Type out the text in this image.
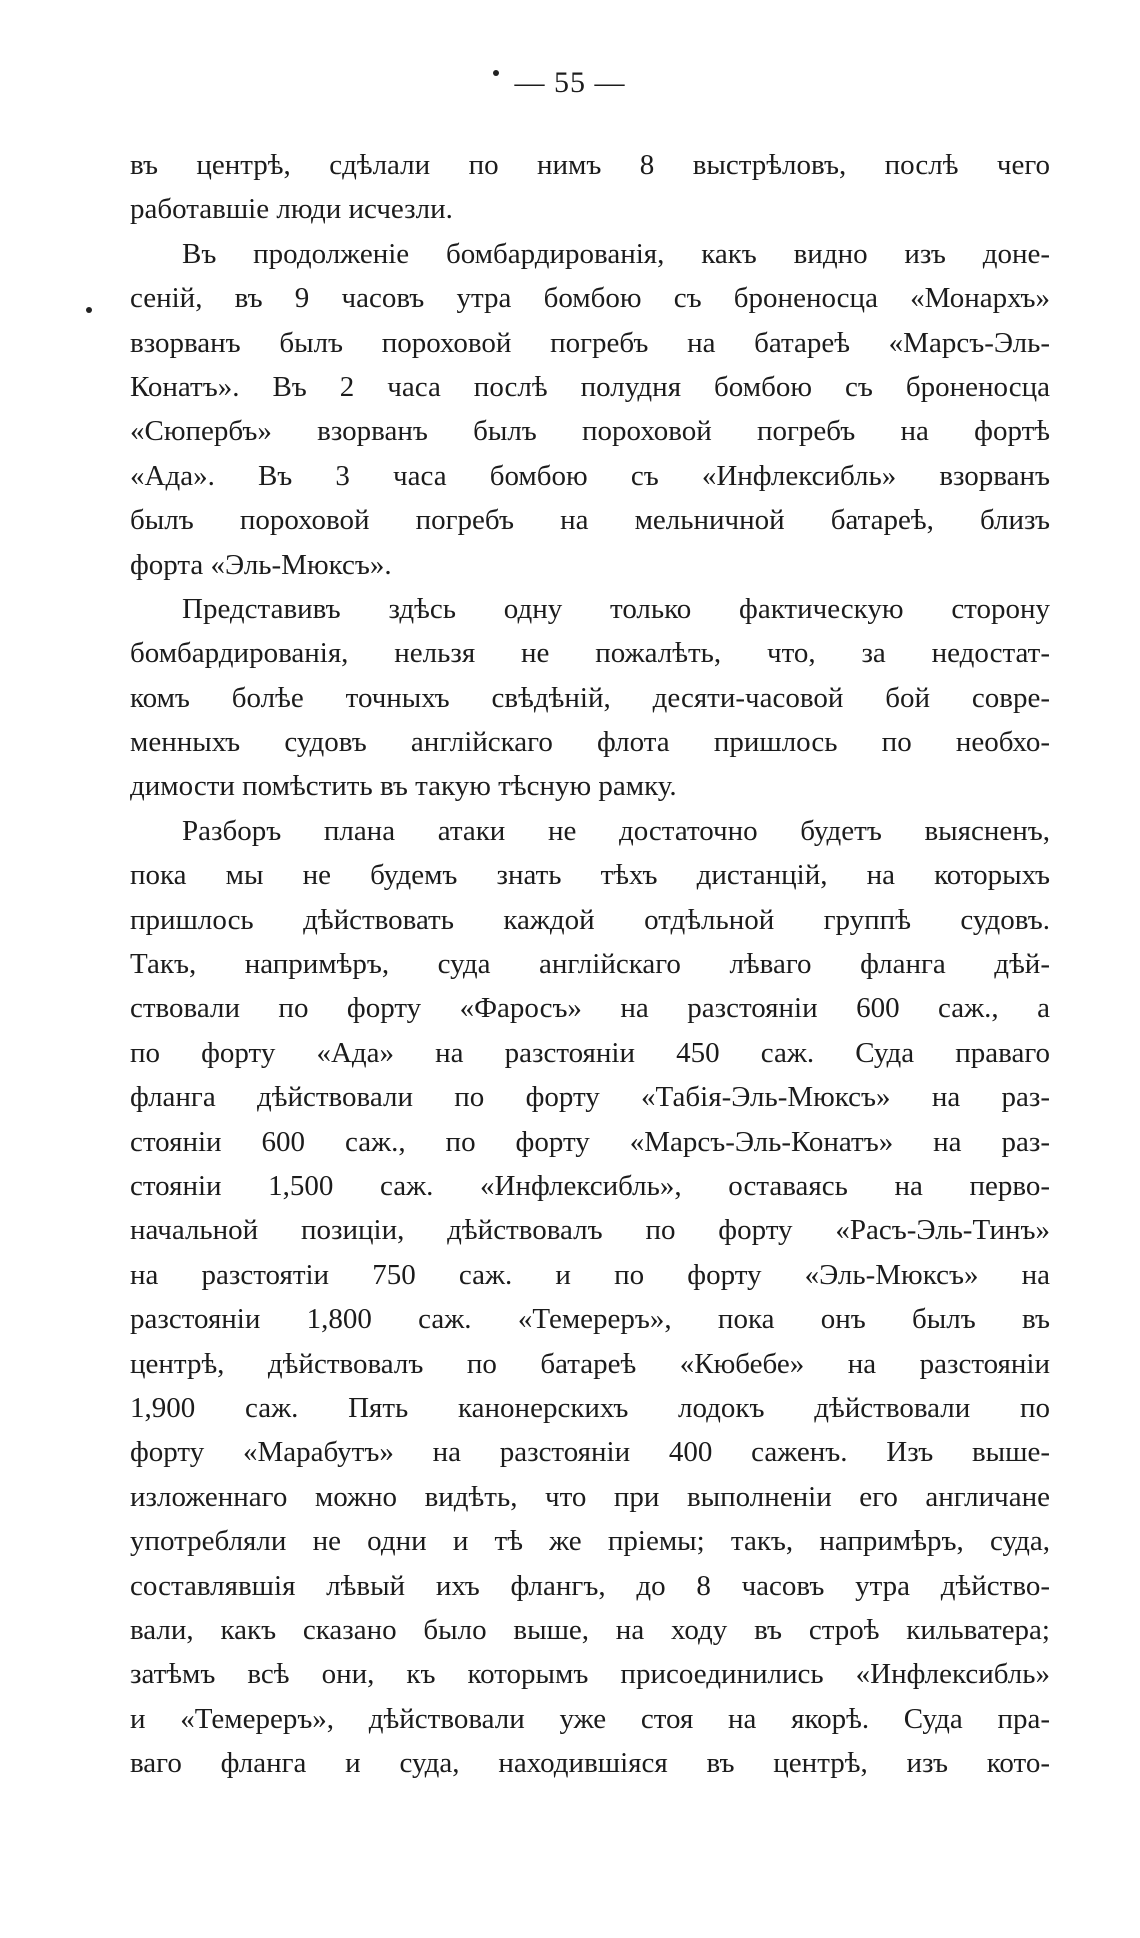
— 55 —
въ центрѣ, сдѣлали по нимъ 8 выстрѣловъ, послѣ чего
работавшіе люди исчезли.
Въ продолженіе бомбардированія, какъ видно изъ доне-
сеній, въ 9 часовъ утра бомбою съ броненосца «Монархъ»
взорванъ былъ пороховой погребъ на батареѣ «Марсъ-Эль-
Конатъ». Въ 2 часа послѣ полудня бомбою съ броненосца
«Сюпербъ» взорванъ былъ пороховой погребъ на фортѣ
«Ада». Въ 3 часа бомбою съ «Инфлексибль» взорванъ
былъ пороховой погребъ на мельничной батареѣ, близъ
форта «Эль-Мюксъ».
Представивъ здѣсь одну только фактическую сторону
бомбардированія, нельзя не пожалѣть, что, за недостат-
комъ болѣе точныхъ свѣдѣній, десяти-часовой бой совре-
менныхъ судовъ англійскаго флота пришлось по необхо-
димости помѣстить въ такую тѣсную рамку.
Разборъ плана атаки не достаточно будетъ выясненъ,
пока мы не будемъ знать тѣхъ дистанцій, на которыхъ
пришлось дѣйствовать каждой отдѣльной группѣ судовъ.
Такъ, напримѣръ, суда англійскаго лѣваго фланга дѣй-
ствовали по форту «Фаросъ» на разстояніи 600 саж., а
по форту «Ада» на разстояніи 450 саж. Суда праваго
фланга дѣйствовали по форту «Табія-Эль-Мюксъ» на раз-
стояніи 600 саж., по форту «Марсъ-Эль-Конатъ» на раз-
стояніи 1,500 саж. «Инфлексибль», оставаясь на перво-
начальной позиціи, дѣйствовалъ по форту «Расъ-Эль-Тинъ»
на разстоятіи 750 саж. и по форту «Эль-Мюксъ» на
разстояніи 1,800 саж. «Темереръ», пока онъ былъ въ
центрѣ, дѣйствовалъ по батареѣ «Кюбебе» на разстояніи
1,900 саж. Пять канонерскихъ лодокъ дѣйствовали по
форту «Марабутъ» на разстояніи 400 саженъ. Изъ выше-
изложеннаго можно видѣть, что при выполненіи его англичане
употребляли не одни и тѣ же пріемы; такъ, напримѣръ, суда,
составлявшія лѣвый ихъ флангъ, до 8 часовъ утра дѣйство-
вали, какъ сказано было выше, на ходу въ строѣ кильватера;
затѣмъ всѣ они, къ которымъ присоединились «Инфлексибль»
и «Темереръ», дѣйствовали уже стоя на якорѣ. Суда пра-
ваго фланга и суда, находившіяся въ центрѣ, изъ кото-
